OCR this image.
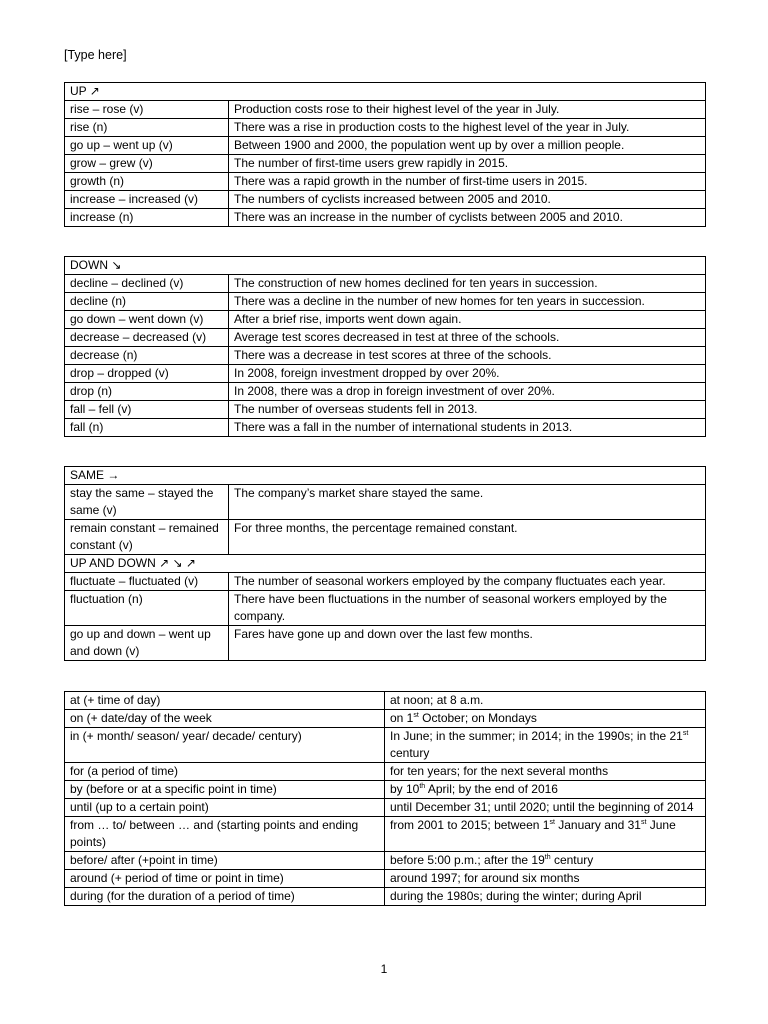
[Type here]
UP ↗	
rise – rose (v)	Production costs rose to their highest level of the year in July.
rise (n)	There was a rise in production costs to the highest level of the year in July.
go up – went up (v)	Between 1900 and 2000, the population went up by over a million people.
grow – grew (v)	The number of first-time users grew rapidly in 2015.
growth (n)	There was a rapid growth in the number of first-time users in 2015.
increase – increased (v)	The numbers of cyclists increased between 2005 and 2010.
increase (n)	There was an increase in the number of cyclists between 2005 and 2010.
DOWN ↘	
decline – declined (v)	The construction of new homes declined for ten years in succession.
decline (n)	There was a decline in the number of new homes for ten years in succession.
go down – went down (v)	After a brief rise, imports went down again.
decrease – decreased (v)	Average test scores decreased in test at three of the schools.
decrease (n)	There was a decrease in test scores at three of the schools.
drop – dropped (v)	In 2008, foreign investment dropped by over 20%.
drop (n)	In 2008, there was a drop in foreign investment of over 20%.
fall – fell (v)	The number of overseas students fell in 2013.
fall (n)	There was a fall in the number of international students in 2013.
SAME →	
stay the same – stayed the same (v)	The company’s market share stayed the same.
remain constant – remained constant (v)	For three months, the percentage remained constant.
UP AND DOWN ↗ ↘ ↗	
fluctuate – fluctuated (v)	The number of seasonal workers employed by the company fluctuates each year.
fluctuation (n)	There have been fluctuations in the number of seasonal workers employed by the company.
go up and down – went up and down (v)	Fares have gone up and down over the last few months.
at (+ time of day)	at noon; at 8 a.m.
on (+ date/day of the week	on 1st October; on Mondays
in (+ month/ season/ year/ decade/ century)	In June; in the summer; in 2014; in the 1990s; in the 21st century
for (a period of time)	for ten years; for the next several months
by (before or at a specific point in time)	by 10th April; by the end of 2016
until (up to a certain point)	until December 31; until 2020; until the beginning of 2014
from … to/ between … and (starting points and ending points)	from 2001 to 2015; between 1st January and 31st June
before/ after (+point in time)	before 5:00 p.m.; after the 19th century
around (+ period of time or point in time)	around 1997; for around six months
during (for the duration of a period of time)	during the 1980s; during the winter; during April
1
